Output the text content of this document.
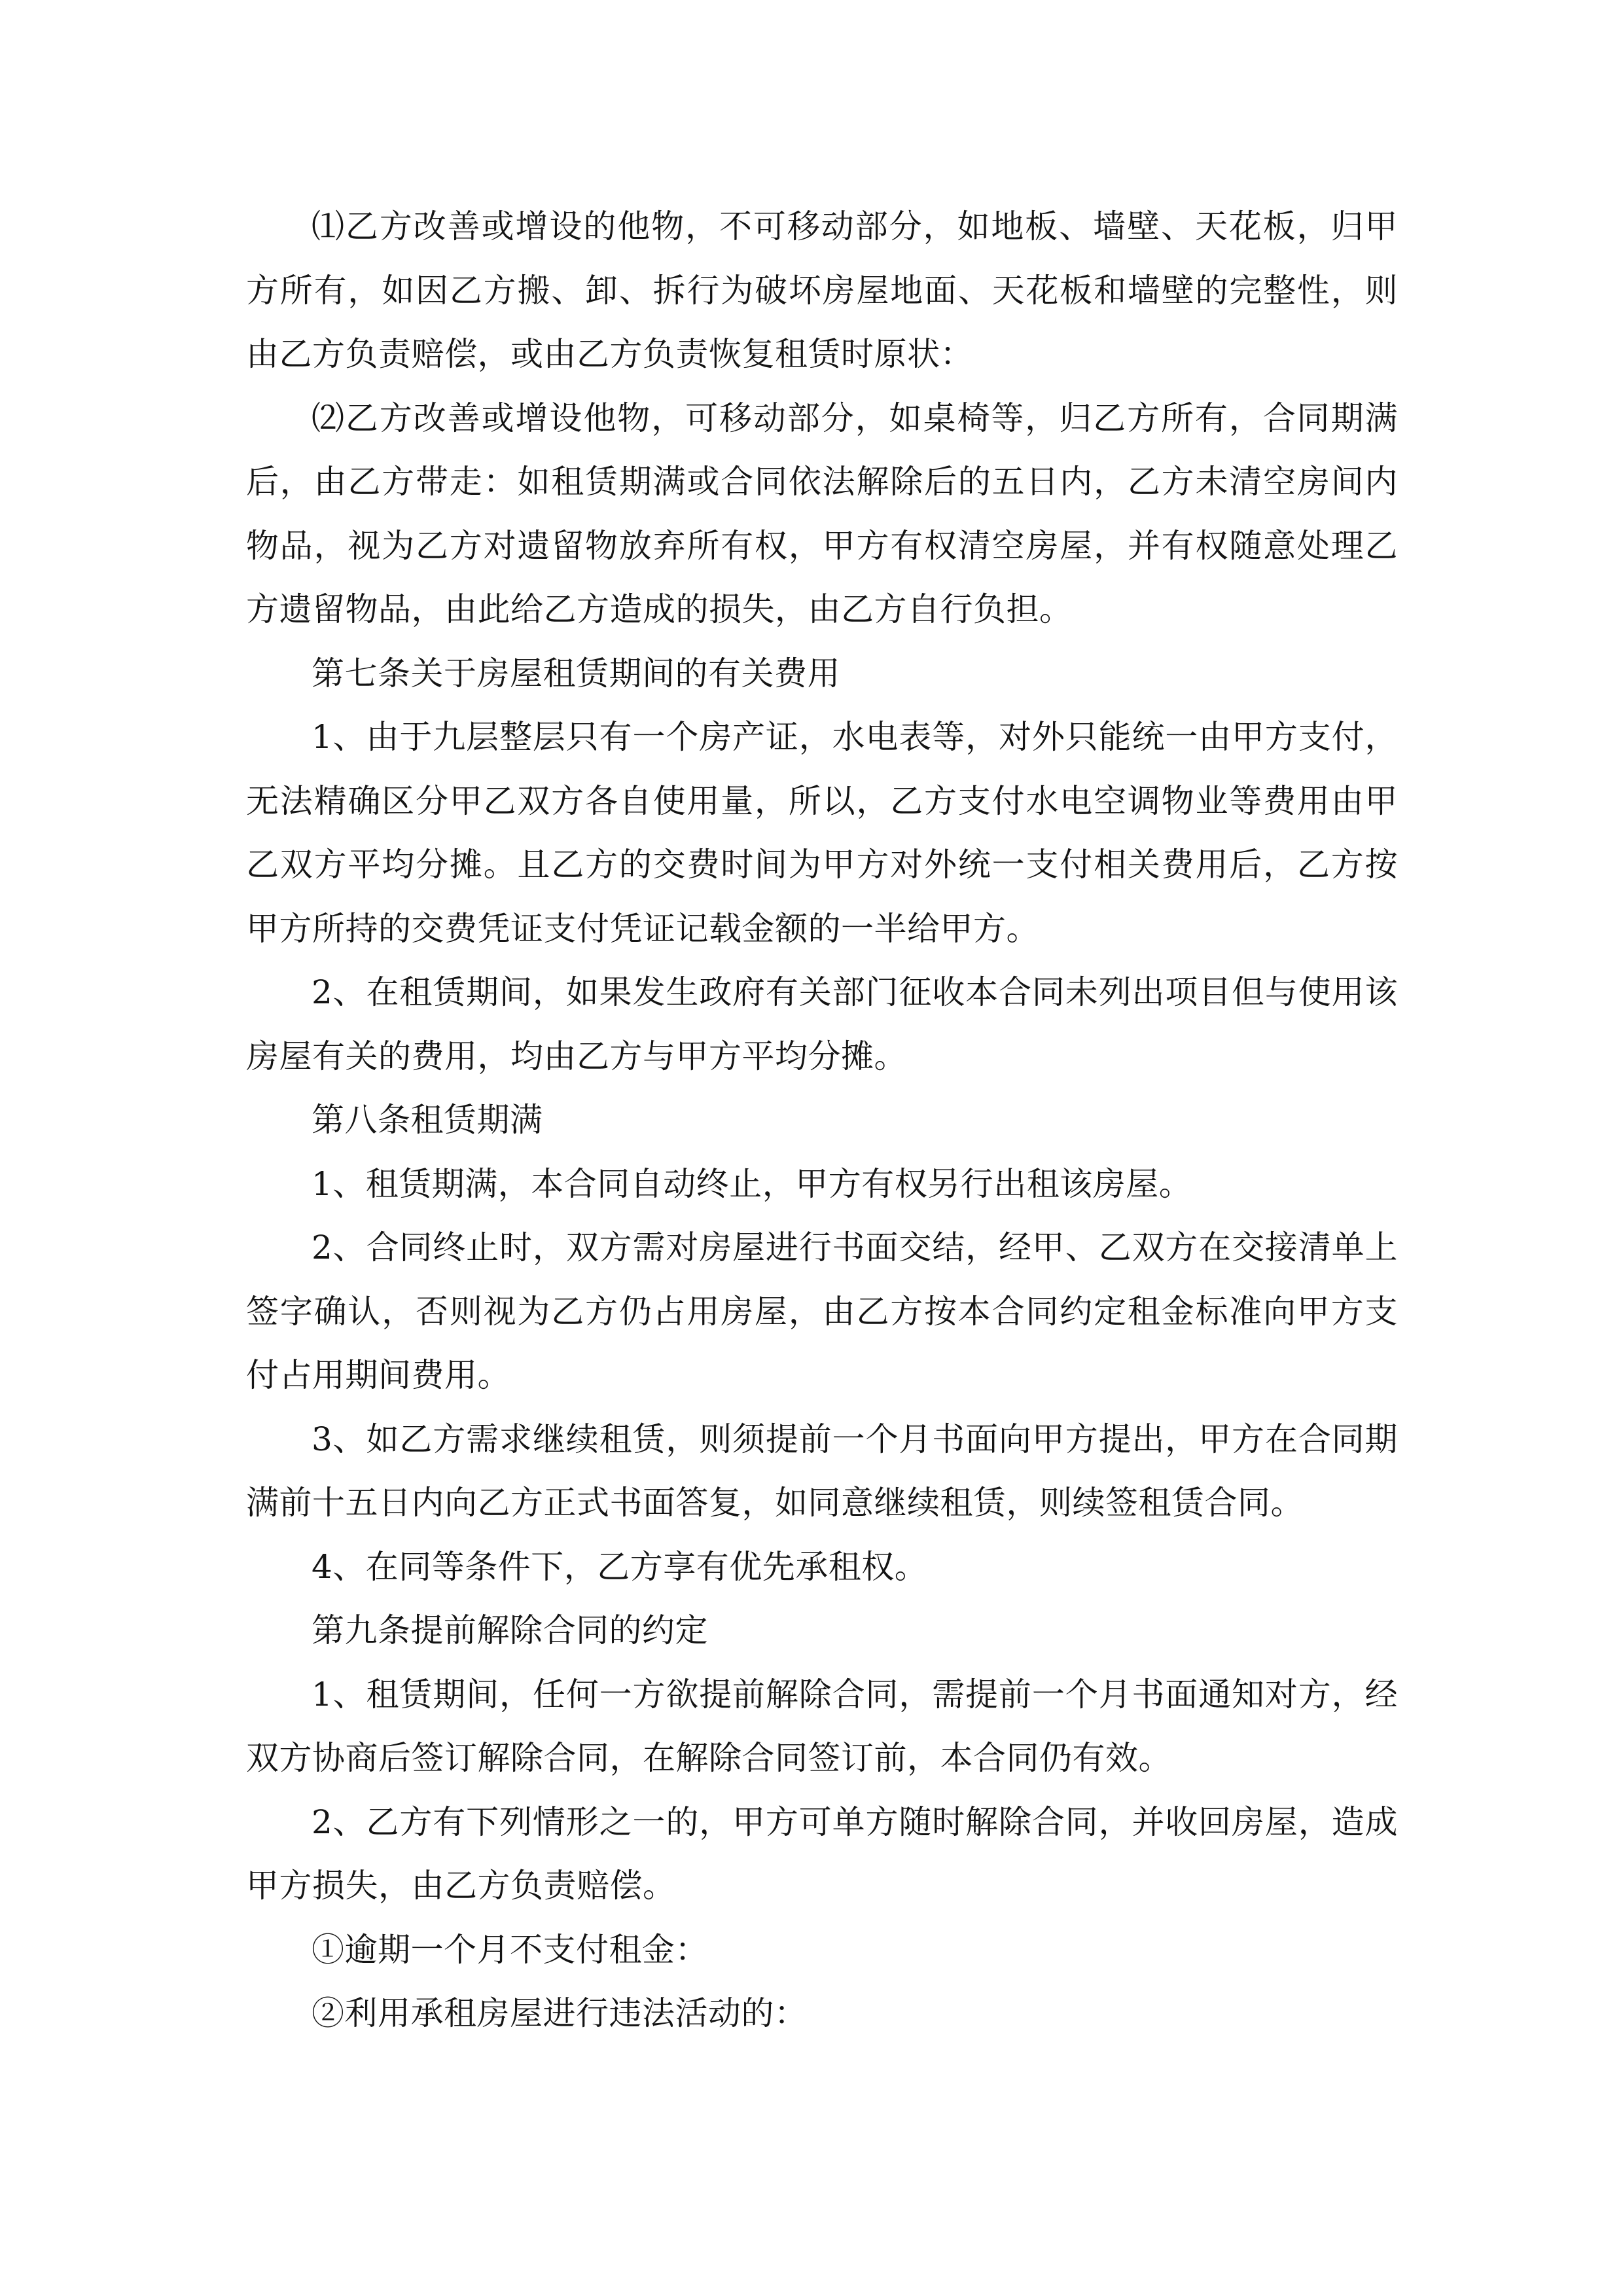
⑴乙方改善或增设的他物，不可移动部分，如地板、墙壁、天花板，归甲方所有，如因乙方搬、卸、拆行为破坏房屋地面、天花板和墙壁的完整性，则由乙方负责赔偿，或由乙方负责恢复租赁时原状：

⑵乙方改善或增设他物，可移动部分，如桌椅等，归乙方所有，合同期满后，由乙方带走：如租赁期满或合同依法解除后的五日内，乙方未清空房间内物品，视为乙方对遗留物放弃所有权，甲方有权清空房屋，并有权随意处理乙方遗留物品，由此给乙方造成的损失，由乙方自行负担。

第七条关于房屋租赁期间的有关费用

1、由于九层整层只有一个房产证，水电表等，对外只能统一由甲方支付，无法精确区分甲乙双方各自使用量，所以，乙方支付水电空调物业等费用由甲乙双方平均分摊。且乙方的交费时间为甲方对外统一支付相关费用后，乙方按甲方所持的交费凭证支付凭证记载金额的一半给甲方。

2、在租赁期间，如果发生政府有关部门征收本合同未列出项目但与使用该房屋有关的费用，均由乙方与甲方平均分摊。

第八条租赁期满

1、租赁期满，本合同自动终止，甲方有权另行出租该房屋。

2、合同终止时，双方需对房屋进行书面交结，经甲、乙双方在交接清单上签字确认，否则视为乙方仍占用房屋，由乙方按本合同约定租金标准向甲方支付占用期间费用。

3、如乙方需求继续租赁，则须提前一个月书面向甲方提出，甲方在合同期满前十五日内向乙方正式书面答复，如同意继续租赁，则续签租赁合同。

4、在同等条件下，乙方享有优先承租权。

第九条提前解除合同的约定

1、租赁期间，任何一方欲提前解除合同，需提前一个月书面通知对方，经双方协商后签订解除合同，在解除合同签订前，本合同仍有效。

2、乙方有下列情形之一的，甲方可单方随时解除合同，并收回房屋，造成甲方损失，由乙方负责赔偿。

①逾期一个月不支付租金：

②利用承租房屋进行违法活动的：
